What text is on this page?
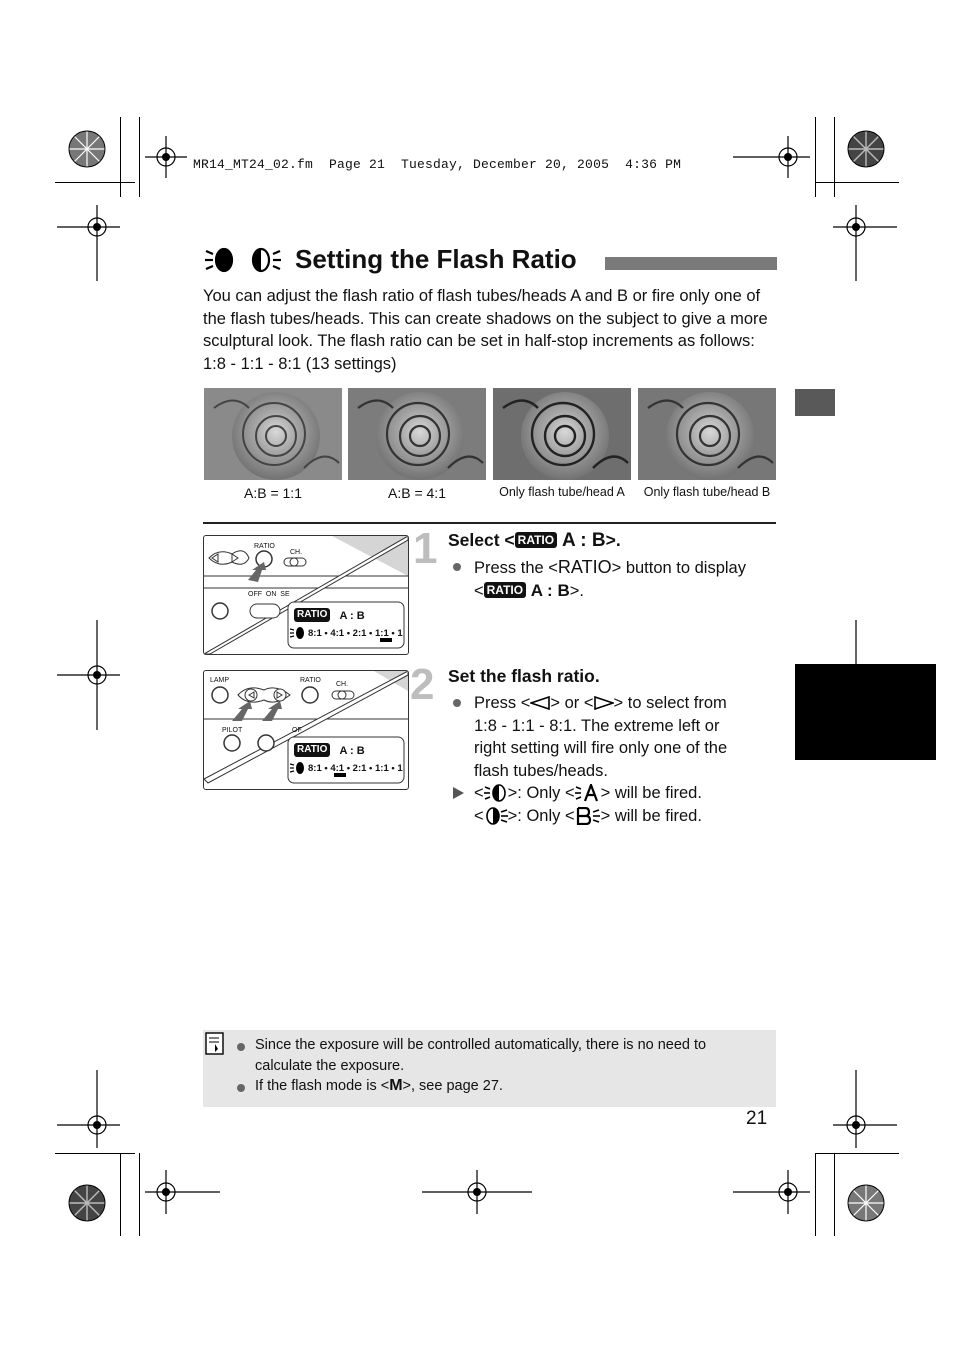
MR14_MT24_02.fm  Page 21  Tuesday, December 20, 2005  4:36 PM
Setting the Flash Ratio
You can adjust the flash ratio of flash tubes/heads A and B or fire only one of the flash tubes/heads. This can create shadows on the subject to give a more sculptural look. The flash ratio can be set in half-stop increments as follows: 1:8 - 1:1 - 8:1 (13 settings)
A:B = 1:1	A:B = 4:1	Only flash tube/head A	Only flash tube/head B
RATIO
CH.
OFF  ON  SE
RATIO A : B
8:1 • 4:1 • 2:1 • 1:1 • 1
1 Select < RATIO A : B>.
Press the <RATIO> button to display
< RATIO A : B>.
LAMP	RATIO
CH.
PILOT	OF
RATIO A : B
8:1 • 4:1 • 2:1 • 1:1 • 1
2 Set the flash ratio.
Press < > or < > to select from
1:8 - 1:1 - 8:1. The extreme left or
right setting will fire only one of the
flash tubes/heads.
< >: Only < > will be fired.
< >: Only < > will be fired.
Since the exposure will be controlled automatically, there is no need to
calculate the exposure.
If the flash mode is <M>, see page 27.
21
